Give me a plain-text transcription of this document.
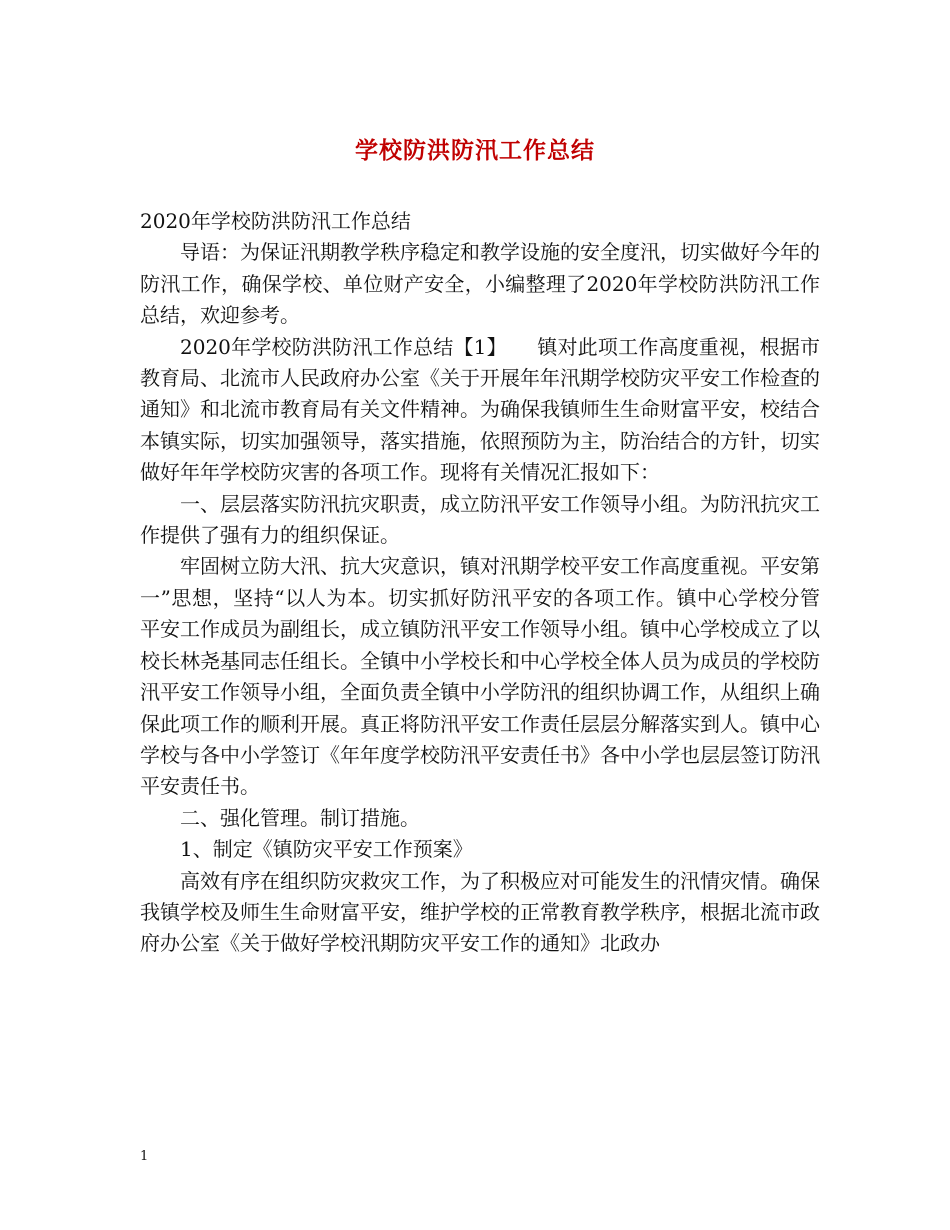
学校防洪防汛工作总结

2020年学校防洪防汛工作总结

导语：为保证汛期教学秩序稳定和教学设施的安全度汛，切实做好今年的防汛工作，确保学校、单位财产安全，小编整理了2020年学校防洪防汛工作总结，欢迎参考。

2020年学校防洪防汛工作总结【1】　　镇对此项工作高度重视，根据市教育局、北流市人民政府办公室《关于开展年年汛期学校防灾平安工作检查的通知》和北流市教育局有关文件精神。为确保我镇师生生命财富平安，校结合本镇实际，切实加强领导，落实措施，依照预防为主，防治结合的方针，切实做好年年学校防灾害的各项工作。现将有关情况汇报如下：

一、层层落实防汛抗灾职责，成立防汛平安工作领导小组。为防汛抗灾工作提供了强有力的组织保证。

牢固树立防大汛、抗大灾意识，镇对汛期学校平安工作高度重视。平安第一”思想，坚持“以人为本。切实抓好防汛平安的各项工作。镇中心学校分管平安工作成员为副组长，成立镇防汛平安工作领导小组。镇中心学校成立了以校长林尧基同志任组长。全镇中小学校长和中心学校全体人员为成员的学校防汛平安工作领导小组，全面负责全镇中小学防汛的组织协调工作，从组织上确保此项工作的顺利开展。真正将防汛平安工作责任层层分解落实到人。镇中心学校与各中小学签订《年年度学校防汛平安责任书》各中小学也层层签订防汛平安责任书。

二、强化管理。制订措施。

1、制定《镇防灾平安工作预案》

高效有序在组织防灾救灾工作，为了积极应对可能发生的汛情灾情。确保我镇学校及师生生命财富平安，维护学校的正常教育教学秩序，根据北流市政府办公室《关于做好学校汛期防灾平安工作的通知》北政办

1
